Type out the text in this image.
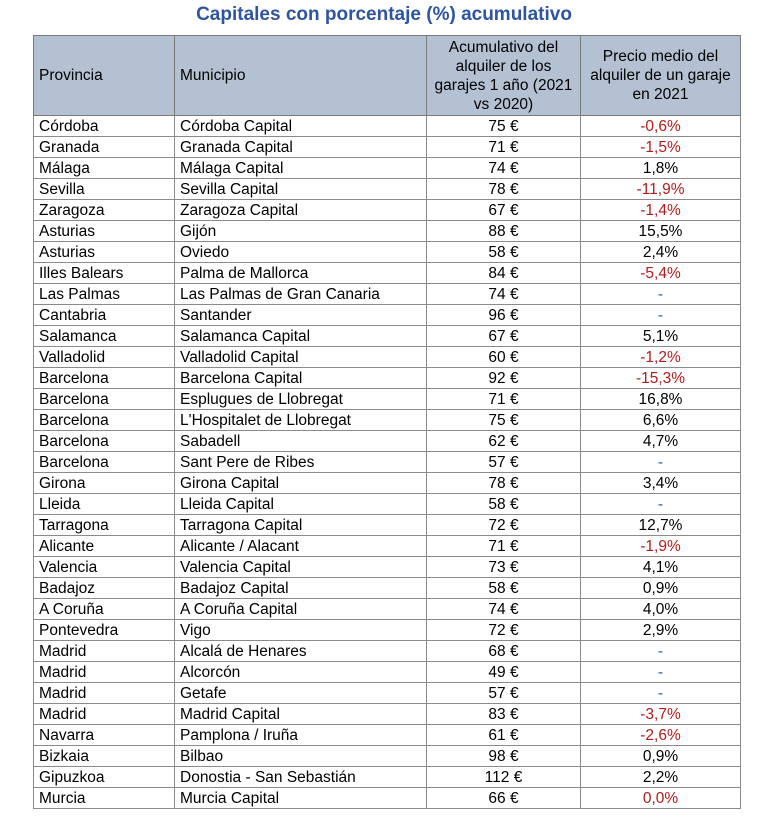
Capitales con porcentaje (%) acumulativo
Provincia	Municipio	Acumulativo del alquiler de los garajes 1 año (2021 vs 2020)	Precio medio del alquiler de un garaje en 2021
Córdoba	Córdoba Capital	75 €	-0,6%
Granada	Granada Capital	71 €	-1,5%
Málaga	Málaga Capital	74 €	1,8%
Sevilla	Sevilla Capital	78 €	-11,9%
Zaragoza	Zaragoza Capital	67 €	-1,4%
Asturias	Gijón	88 €	15,5%
Asturias	Oviedo	58 €	2,4%
Illes Balears	Palma de Mallorca	84 €	-5,4%
Las Palmas	Las Palmas de Gran Canaria	74 €	-
Cantabria	Santander	96 €	-
Salamanca	Salamanca Capital	67 €	5,1%
Valladolid	Valladolid Capital	60 €	-1,2%
Barcelona	Barcelona Capital	92 €	-15,3%
Barcelona	Esplugues de Llobregat	71 €	16,8%
Barcelona	L'Hospitalet de Llobregat	75 €	6,6%
Barcelona	Sabadell	62 €	4,7%
Barcelona	Sant Pere de Ribes	57 €	-
Girona	Girona Capital	78 €	3,4%
Lleida	Lleida Capital	58 €	-
Tarragona	Tarragona Capital	72 €	12,7%
Alicante	Alicante / Alacant	71 €	-1,9%
Valencia	Valencia Capital	73 €	4,1%
Badajoz	Badajoz Capital	58 €	0,9%
A Coruña	A Coruña Capital	74 €	4,0%
Pontevedra	Vigo	72 €	2,9%
Madrid	Alcalá de Henares	68 €	-
Madrid	Alcorcón	49 €	-
Madrid	Getafe	57 €	-
Madrid	Madrid Capital	83 €	-3,7%
Navarra	Pamplona / Iruña	61 €	-2,6%
Bizkaia	Bilbao	98 €	0,9%
Gipuzkoa	Donostia - San Sebastián	112 €	2,2%
Murcia	Murcia Capital	66 €	0,0%
